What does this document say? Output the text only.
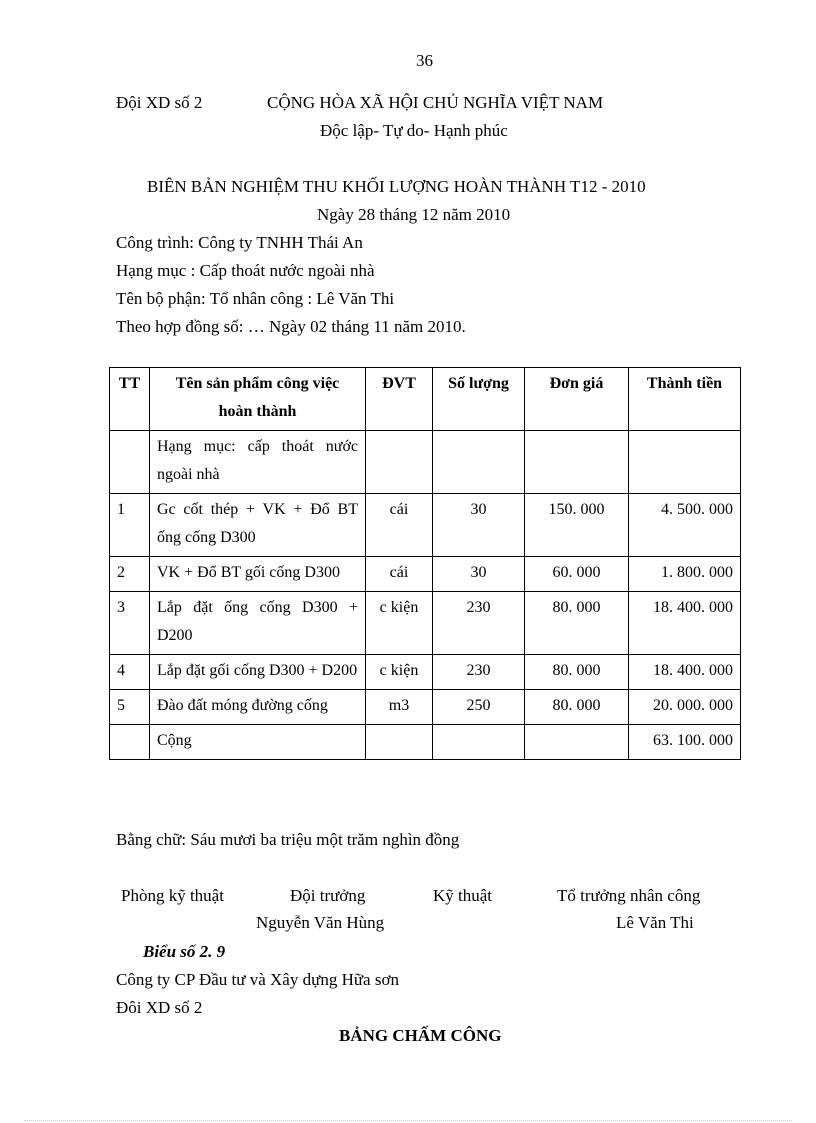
36
Đội XD số 2	CỘNG HÒA XÃ HỘI CHỦ NGHĨA VIỆT NAM
Độc lập- Tự do- Hạnh phúc
BIÊN BẢN NGHIỆM THU KHỐI LƯỢNG HOÀN THÀNH T12 - 2010
Ngày 28 tháng 12 năm 2010
Công trình: Công ty TNHH Thái An
Hạng mục : Cấp thoát nước ngoài nhà
Tên bộ phận: Tổ nhân công : Lê Văn Thi
Theo hợp đồng số: … Ngày 02 tháng 11 năm 2010.
TT	Tên sản phẩm công việc hoàn thành	ĐVT	Số lượng	Đơn giá	Thành tiền
	Hạng mục: cấp thoát nước ngoài nhà				
1	Gc cốt thép + VK + Đổ BT ống cống D300	cái	30	150. 000	4. 500. 000
2	VK + Đổ BT gối cống D300	cái	30	60. 000	1. 800. 000
3	Lắp đặt ống cống D300 + D200	c kiện	230	80. 000	18. 400. 000
4	Lắp đặt gối cống D300 + D200	c kiện	230	80. 000	18. 400. 000
5	Đào đất móng đường cống	m3	250	80. 000	20. 000. 000
	Cộng				63. 100. 000
Bằng chữ: Sáu mươi ba triệu một trăm nghìn đồng
Phòng kỹ thuật	Đội trưởng	Kỹ thuật	Tổ trưởng nhân công
Nguyễn Văn Hùng	Lê Văn Thi
Biểu số 2. 9
Công ty CP Đầu tư và Xây dựng Hữa sơn
Đôi XD số 2
BẢNG CHẤM CÔNG
